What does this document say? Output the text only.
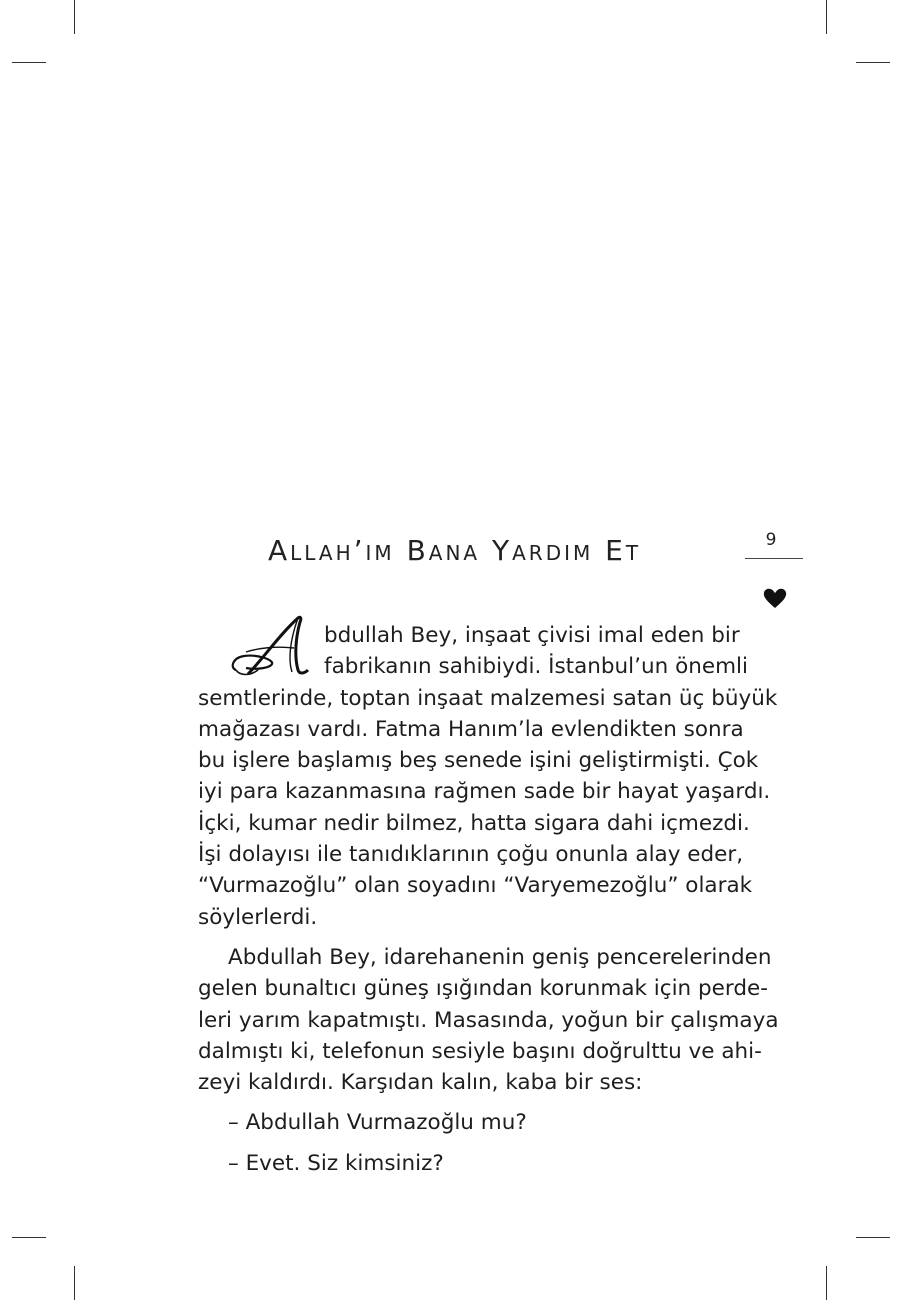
Allah’ım Bana Yardım Et	9
bdullah Bey, inşaat çivisi imal eden bir
fabrikanın sahibiydi. İstanbul’un önemli
semtlerinde, toptan inşaat malzemesi satan üç büyük
mağazası vardı. Fatma Hanım’la evlendikten sonra
bu işlere başlamış beş senede işini geliştirmişti. Çok
iyi para kazanmasına rağmen sade bir hayat yaşardı.
İçki, kumar nedir bilmez, hatta sigara dahi içmezdi.
İşi dolayısı ile tanıdıklarının çoğu onunla alay eder,
“Vurmazoğlu” olan soyadını “Varyemezoğlu” olarak
söylerlerdi.
Abdullah Bey, idarehanenin geniş pencerelerinden
gelen bunaltıcı güneş ışığından korunmak için perde-
leri yarım kapatmıştı. Masasında, yoğun bir çalışmaya
dalmıştı ki, telefonun sesiyle başını doğrulttu ve ahi-
zeyi kaldırdı. Karşıdan kalın, kaba bir ses:
– Abdullah Vurmazoğlu mu?
– Evet. Siz kimsiniz?
